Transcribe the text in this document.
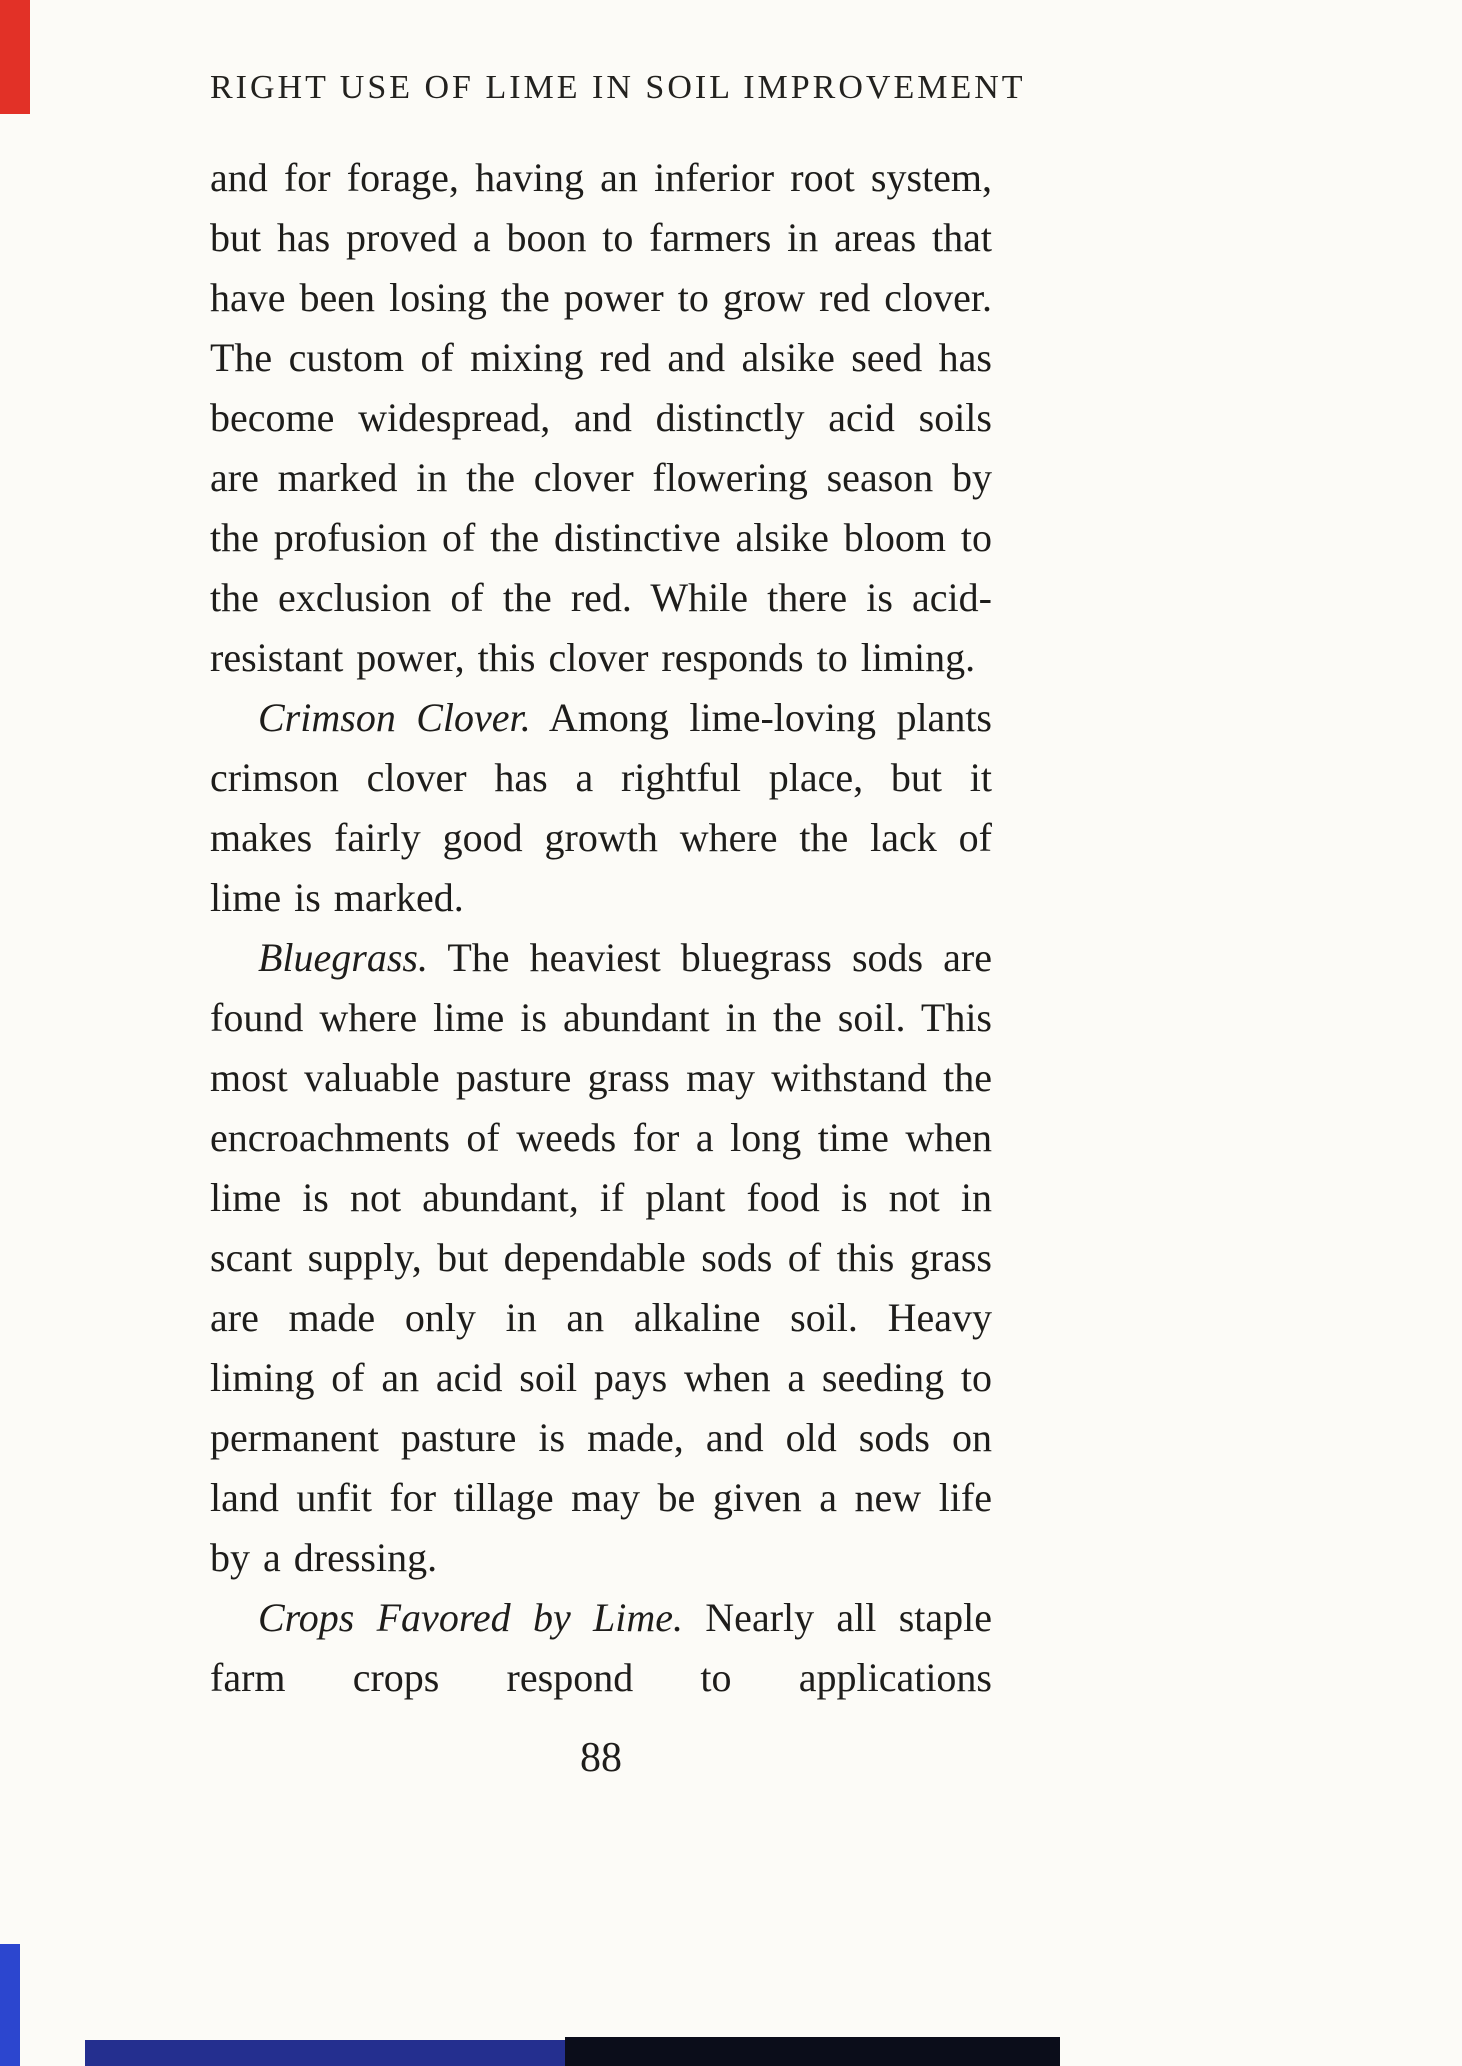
RIGHT USE OF LIME IN SOIL IMPROVEMENT

and for forage, having an inferior root system, but has proved a boon to farmers in areas that have been losing the power to grow red clover. The custom of mixing red and alsike seed has become widespread, and distinctly acid soils are marked in the clover flowering season by the profusion of the distinctive alsike bloom to the exclusion of the red. While there is acid-resistant power, this clover responds to liming.

Crimson Clover. Among lime-loving plants crimson clover has a rightful place, but it makes fairly good growth where the lack of lime is marked.

Bluegrass. The heaviest bluegrass sods are found where lime is abundant in the soil. This most valuable pasture grass may withstand the encroachments of weeds for a long time when lime is not abundant, if plant food is not in scant supply, but dependable sods of this grass are made only in an alkaline soil. Heavy liming of an acid soil pays when a seeding to permanent pasture is made, and old sods on land unfit for tillage may be given a new life by a dressing.

Crops Favored by Lime. Nearly all staple farm crops respond to applications

88
